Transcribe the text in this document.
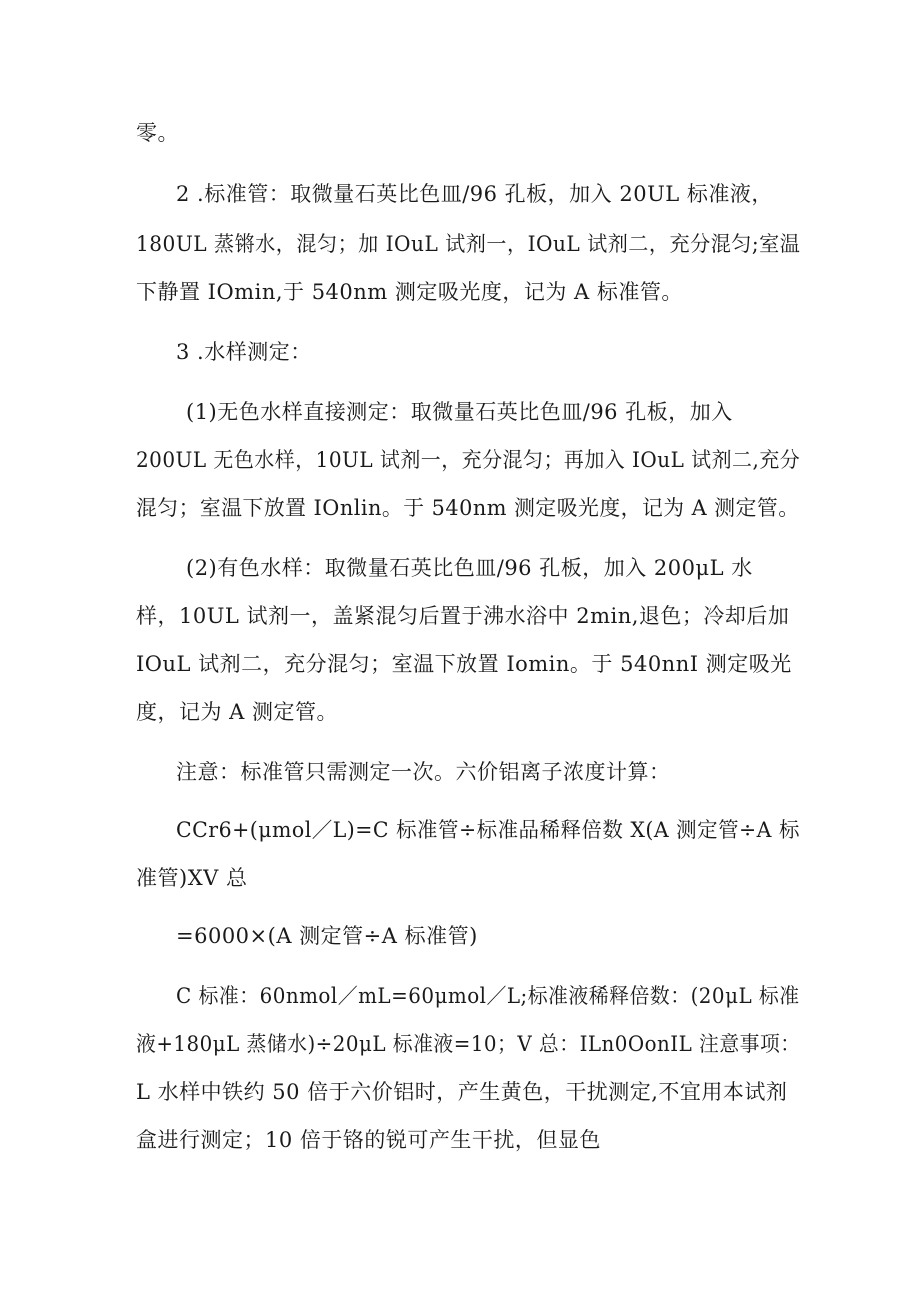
零。
2 .标准管：取微量石英比色皿/96 孔板，加入 20UL 标准液，
180UL 蒸锵水，混匀；加 IOuL 试剂一，IOuL 试剂二，充分混匀;室温
下静置 IOmin,于 540nm 测定吸光度，记为 A 标准管。
3 .水样测定：
(1)无色水样直接测定：取微量石英比色皿/96 孔板，加入
200UL 无色水样，10UL 试剂一，充分混匀；再加入 IOuL 试剂二,充分
混匀；室温下放置 IOnlin。于 540nm 测定吸光度，记为 A 测定管。
(2)有色水样：取微量石英比色皿/96 孔板，加入 200μL 水
样，10UL 试剂一，盖紧混匀后置于沸水浴中 2min,退色；冷却后加
IOuL 试剂二，充分混匀；室温下放置 Iomin。于 540nnI 测定吸光
度，记为 A 测定管。
注意：标准管只需测定一次。六价铝离子浓度计算：
CCr6+(μmol／L)=C 标准管÷标准品稀释倍数 X(A 测定管÷A 标
准管)XV 总
=6000×(A 测定管÷A 标准管)
C 标准：60nmol／mL=60μmol／L;标准液稀释倍数：(20μL 标准
液+180μL 蒸储水)÷20μL 标准液=10；V 总：ILn0OonIL 注意事项：
L 水样中铁约 50 倍于六价铝时，产生黄色，干扰测定,不宜用本试剂
盒进行测定；10 倍于铬的锐可产生干扰，但显色
